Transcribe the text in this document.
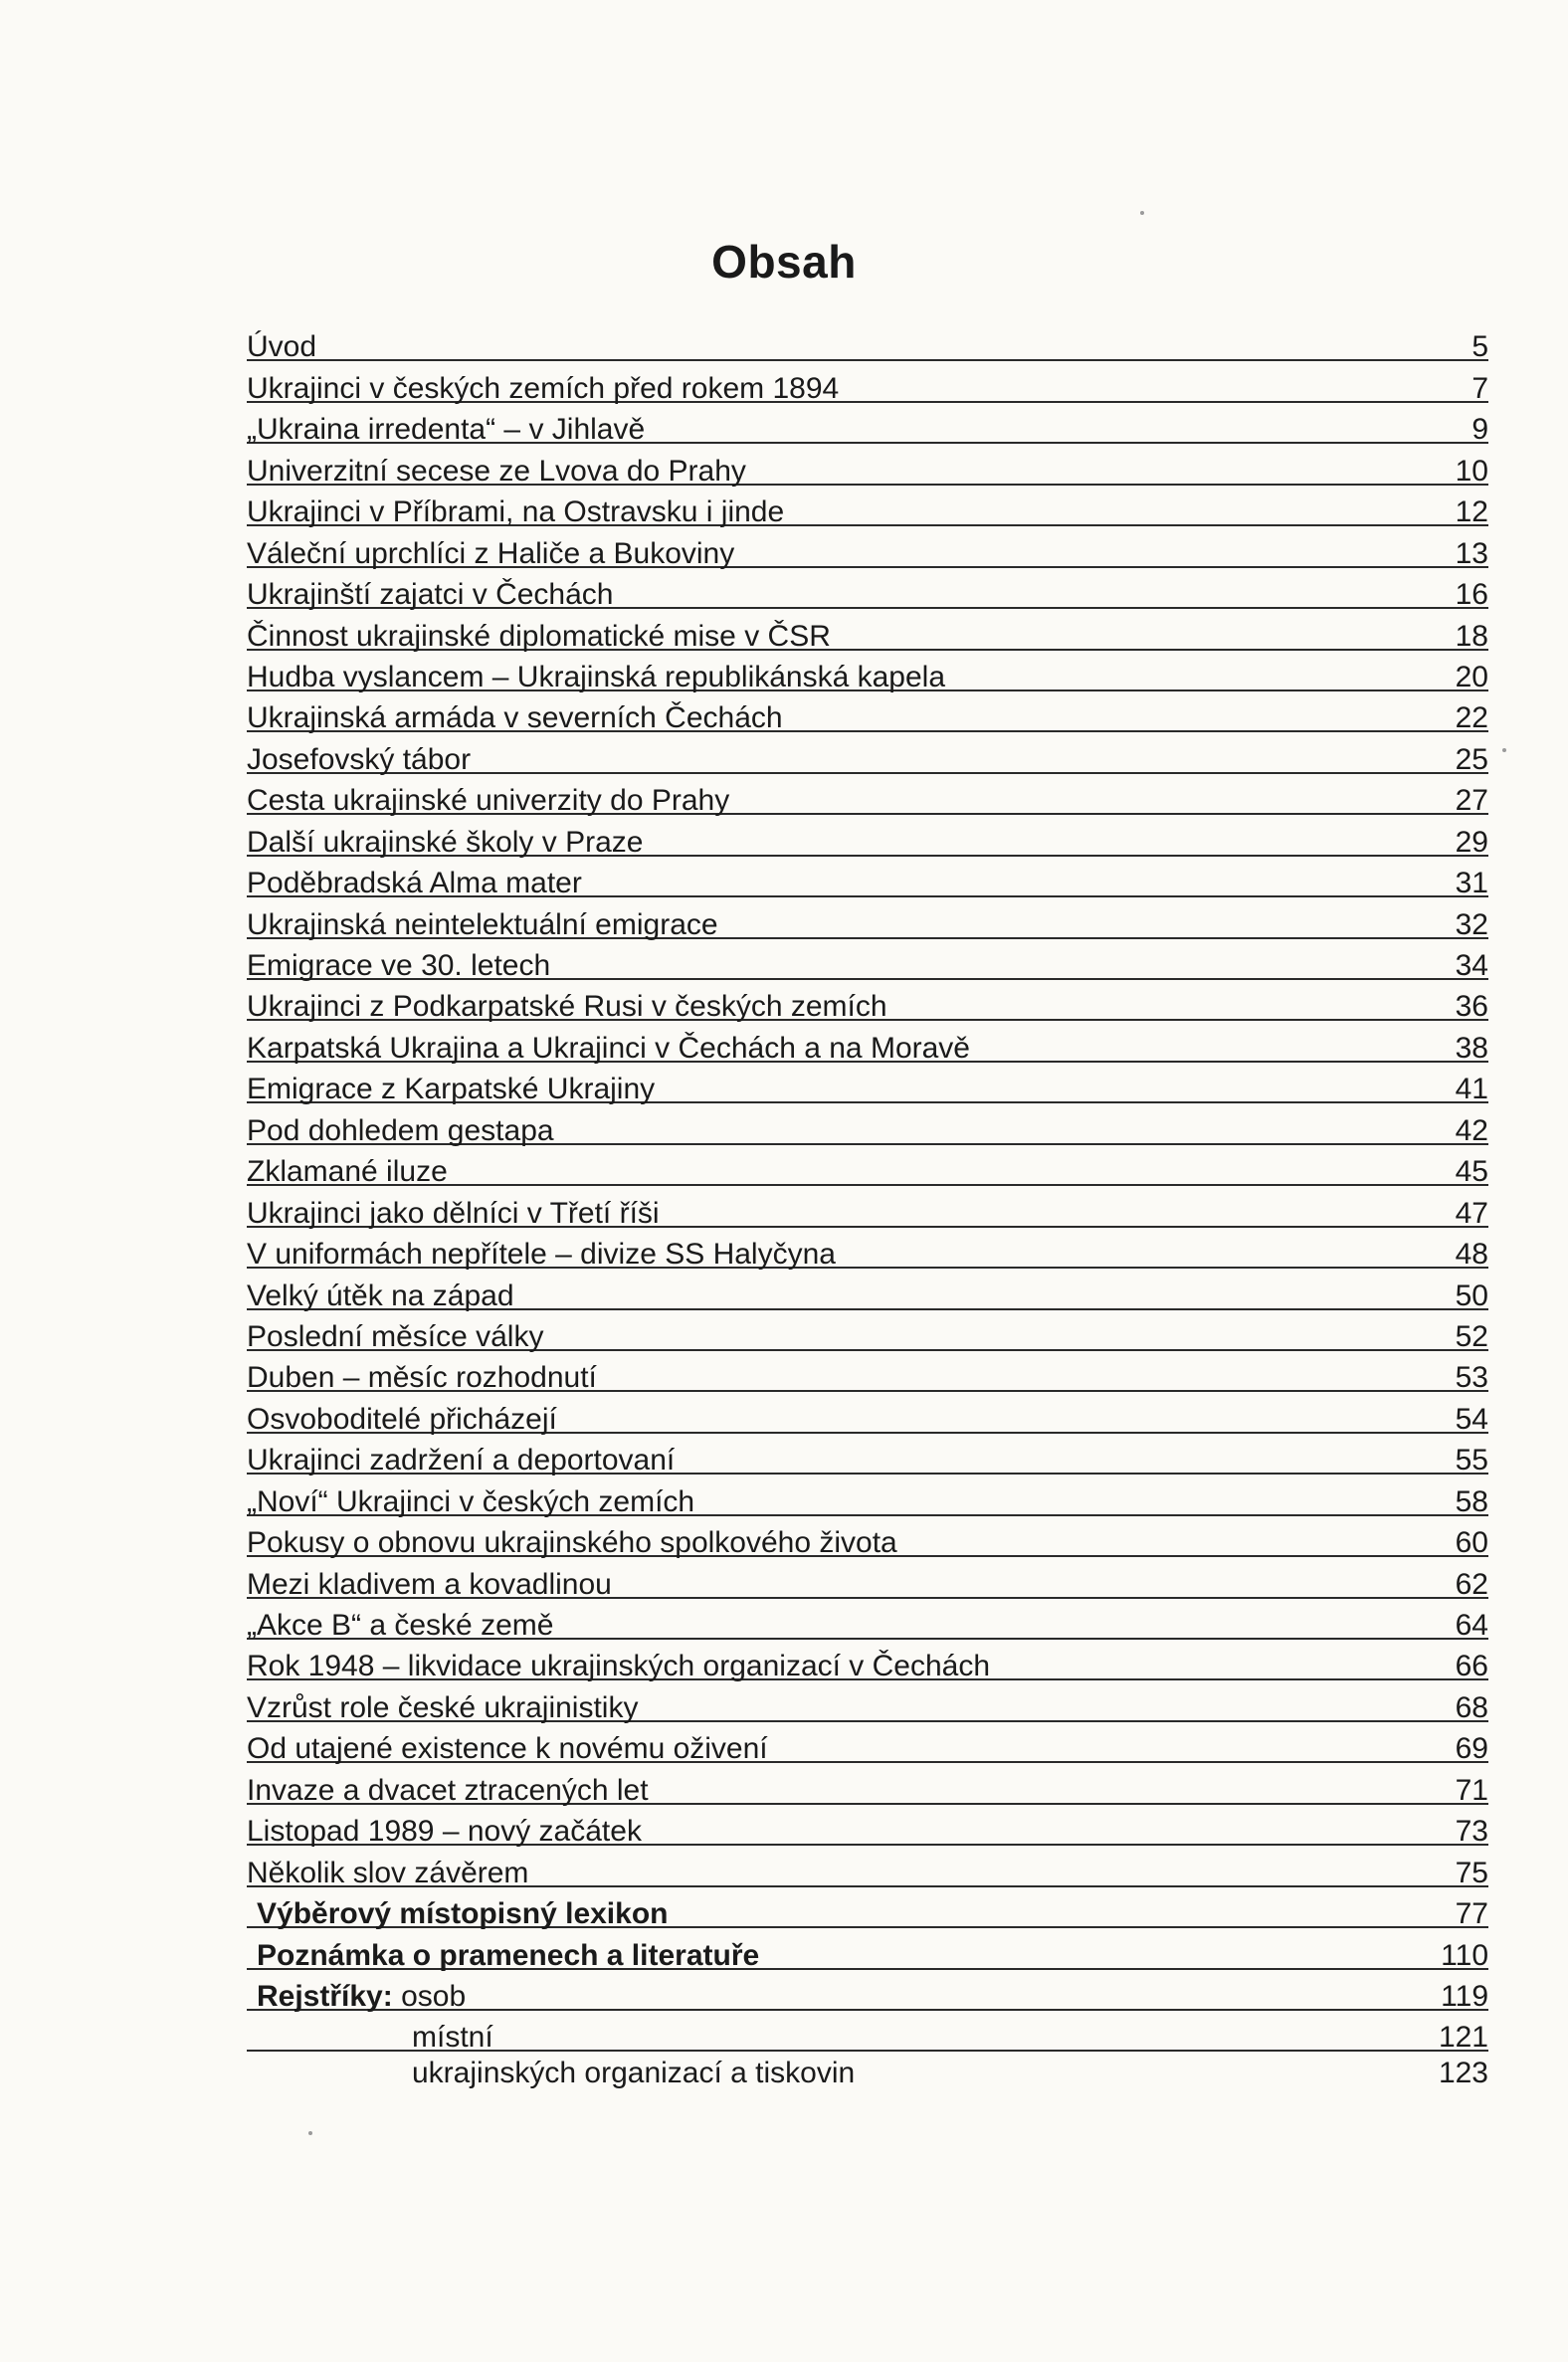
Obsah
Úvod	5
Ukrajinci v českých zemích před rokem 1894	7
„Ukraina irredenta“ – v Jihlavě	9
Univerzitní secese ze Lvova do Prahy	10
Ukrajinci v Příbrami, na Ostravsku i jinde	12
Váleční uprchlíci z Haliče a Bukoviny	13
Ukrajinští zajatci v Čechách	16
Činnost ukrajinské diplomatické mise v ČSR	18
Hudba vyslancem – Ukrajinská republikánská kapela	20
Ukrajinská armáda v severních Čechách	22
Josefovský tábor	25
Cesta ukrajinské univerzity do Prahy	27
Další ukrajinské školy v Praze	29
Poděbradská Alma mater	31
Ukrajinská neintelektuální emigrace	32
Emigrace ve 30. letech	34
Ukrajinci z Podkarpatské Rusi v českých zemích	36
Karpatská Ukrajina a Ukrajinci v Čechách a na Moravě	38
Emigrace z Karpatské Ukrajiny	41
Pod dohledem gestapa	42
Zklamané iluze	45
Ukrajinci jako dělníci v Třetí říši	47
V uniformách nepřítele – divize SS Halyčyna	48
Velký útěk na západ	50
Poslední měsíce války	52
Duben – měsíc rozhodnutí	53
Osvoboditelé přicházejí	54
Ukrajinci zadržení a deportovaní	55
„Noví“ Ukrajinci v českých zemích	58
Pokusy o obnovu ukrajinského spolkového života	60
Mezi kladivem a kovadlinou	62
„Akce B“ a české země	64
Rok 1948 – likvidace ukrajinských organizací v Čechách	66
Vzrůst role české ukrajinistiky	68
Od utajené existence k novému oživení	69
Invaze a dvacet ztracených let	71
Listopad 1989 – nový začátek	73
Několik slov závěrem	75
Výběrový místopisný lexikon	77
Poznámka o pramenech a literatuře	110
Rejstříky: osob	119
místní	121
ukrajinských organizací a tiskovin	123
